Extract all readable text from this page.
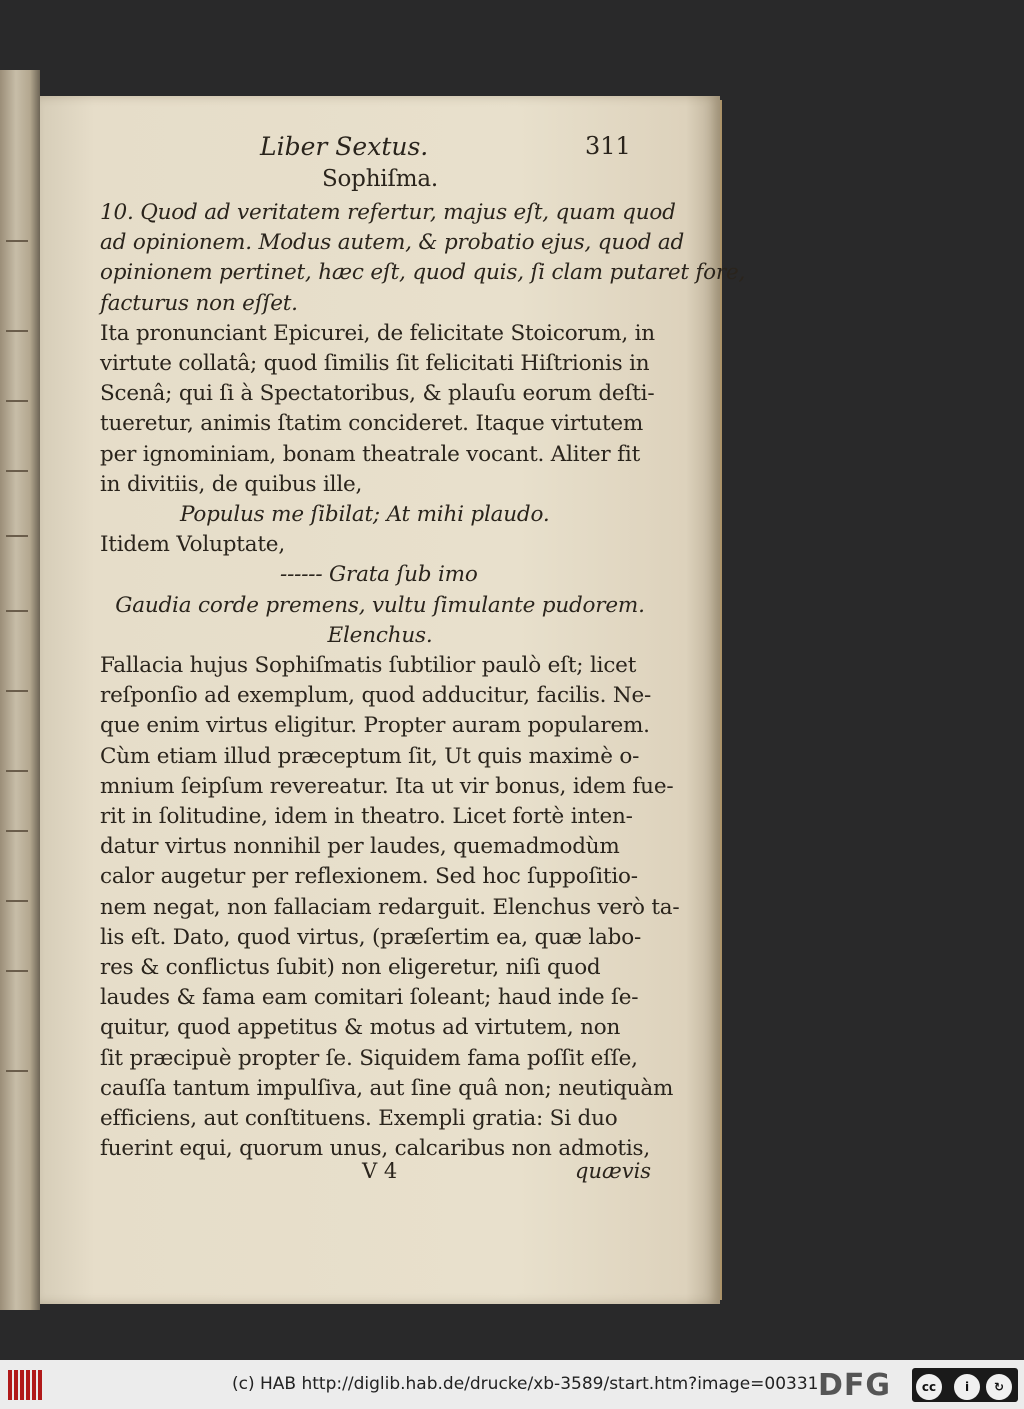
Liber Sextus.	311
Sophiſma.
10. Quod ad veritatem refertur, majus eſt, quam quod
ad opinionem. Modus autem, & probatio ejus, quod ad
opinionem pertinet, hæc eſt, quod quis, ſi clam putaret fore,
facturus non eſſet.
Ita pronunciant Epicurei, de felicitate Stoicorum, in
virtute collatâ; quod ſimilis ſit felicitati Hiſtrionis in
Scenâ; qui ſi à Spectatoribus, & plauſu eorum deſti-
tueretur, animis ſtatim concideret. Itaque virtutem
per ignominiam, bonam theatrale vocant. Aliter fit
in divitiis, de quibus ille,
Populus me ſibilat; At mihi plaudo.
Itidem Voluptate,
------ Grata ſub imo
Gaudia corde premens, vultu ſimulante pudorem.
Elenchus.
Fallacia hujus Sophiſmatis ſubtilior paulò eſt; licet
reſponſio ad exemplum, quod adducitur, facilis. Ne-
que enim virtus eligitur. Propter auram popularem.
Cùm etiam illud præceptum ſit, Ut quis maximè o-
mnium ſeipſum revereatur. Ita ut vir bonus, idem fue-
rit in ſolitudine, idem in theatro. Licet fortè inten-
datur virtus nonnihil per laudes, quemadmodùm
calor augetur per reflexionem. Sed hoc ſuppoſitio-
nem negat, non fallaciam redarguit. Elenchus verò ta-
lis eſt. Dato, quod virtus, (præſertim ea, quæ labo-
res & conflictus ſubit) non eligeretur, niſi quod
laudes & fama eam comitari ſoleant; haud inde ſe-
quitur, quod appetitus & motus ad virtutem, non
ſit præcipuè propter ſe. Siquidem fama poſſit eſſe,
cauſſa tantum impulſiva, aut ſine quâ non; neutiquàm
efficiens, aut conſtituens. Exempli gratia: Si duo
fuerint equi, quorum unus, calcaribus non admotis,
V 4	quævis
(c) HAB http://diglib.hab.de/drucke/xb-3589/start.htm?image=00331 DFG	cc	i	↻
